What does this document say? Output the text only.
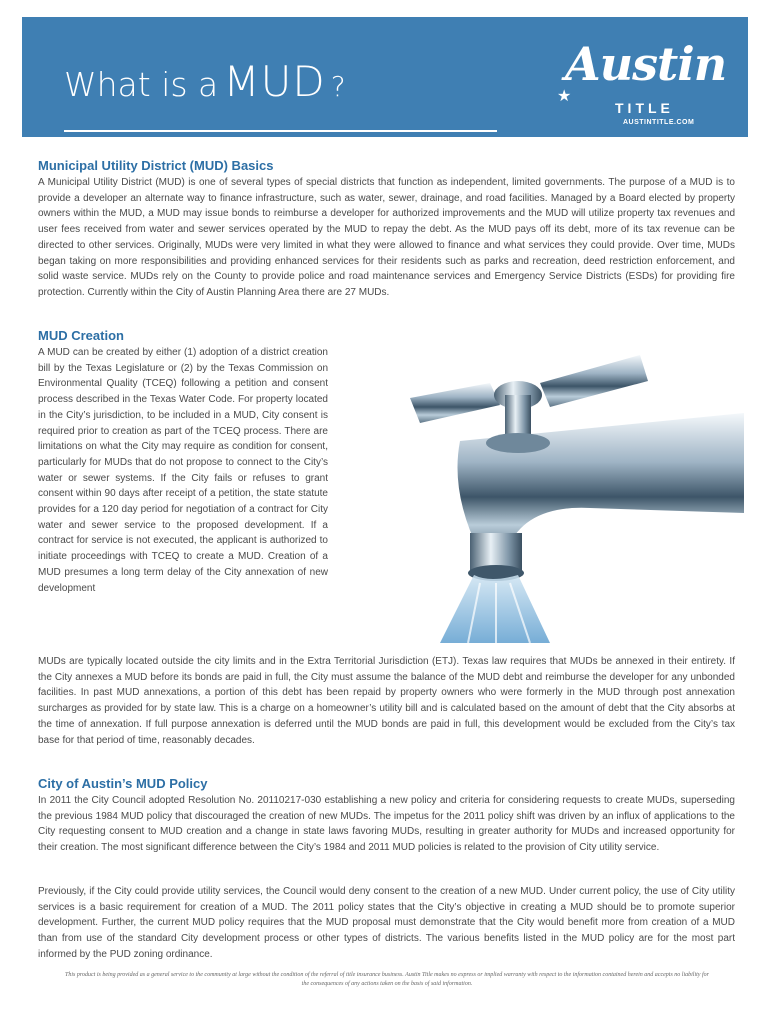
What is a MUD ?	Austin
★
TITLE
AUSTINTITLE.COM
Municipal Utility District (MUD) Basics

A Municipal Utility District (MUD) is one of several types of special districts that function as independent, limited governments. The purpose of a MUD is to provide a developer an alternate way to finance infrastructure, such as water, sewer, drainage, and road facilities. Managed by a Board elected by property owners within the MUD, a MUD may issue bonds to reimburse a developer for authorized improvements and the MUD will utilize property tax revenues and user fees received from water and sewer services operated by the MUD to repay the debt. As the MUD pays off its debt, more of its tax revenue can be directed to other services. Originally, MUDs were very limited in what they were allowed to finance and what services they could provide. Over time, MUDs began taking on more responsibilities and providing enhanced services for their residents such as parks and recreation, deed restriction enforcement, and solid waste service. MUDs rely on the County to provide police and road maintenance services and Emergency Service Districts (ESDs) for providing fire protection. Currently within the City of Austin Planning Area there are 27 MUDs.

MUD Creation

A MUD can be created by either (1) adoption of a district creation bill by the Texas Legislature or (2) by the Texas Commission on Environmental Quality (TCEQ) following a petition and consent process described in the Texas Water Code. For property located in the City’s jurisdiction, to be included in a MUD, City consent is required prior to creation as part of the TCEQ process. There are limitations on what the City may require as condition for consent, particularly for MUDs that do not propose to connect to the City’s water or sewer systems. If the City fails or refuses to grant consent within 90 days after receipt of a petition, the state statute provides for a 120 day period for negotiation of a contract for City water and sewer service to the proposed development. If a contract for service is not executed, the applicant is authorized to initiate proceedings with TCEQ to create a MUD. Creation of a MUD presumes a long term delay of the City annexation of new development

MUDs are typically located outside the city limits and in the Extra Territorial Jurisdiction (ETJ). Texas law requires that MUDs be annexed in their entirety. If the City annexes a MUD before its bonds are paid in full, the City must assume the balance of the MUD debt and reimburse the developer for any unbonded facilities. In past MUD annexations, a portion of this debt has been repaid by property owners who were formerly in the MUD through post annexation surcharges as provided for by state law. This is a charge on a homeowner’s utility bill and is calculated based on the amount of debt that the City absorbs at the time of annexation. If full purpose annexation is deferred until the MUD bonds are paid in full, this development would be excluded from the City’s tax base for that period of time, reasonably decades.

City of Austin’s MUD Policy

In 2011 the City Council adopted Resolution No. 20110217-030 establishing a new policy and criteria for considering requests to create MUDs, superseding the previous 1984 MUD policy that discouraged the creation of new MUDs. The impetus for the 2011 policy shift was driven by an influx of applications to the City requesting consent to MUD creation and a change in state laws favoring MUDs, resulting in greater authority for MUDs and increased opportunity for their creation. The most significant difference between the City’s 1984 and 2011 MUD policies is related to the provision of City utility service.

Previously, if the City could provide utility services, the Council would deny consent to the creation of a new MUD. Under current policy, the use of City utility services is a basic requirement for creation of a MUD. The 2011 policy states that the City’s objective in creating a MUD should be to promote superior development. Further, the current MUD policy requires that the MUD proposal must demonstrate that the City would benefit more from creation of a MUD than from use of the standard City development process or other types of districts. The various benefits listed in the MUD policy are for the most part informed by the PUD zoning ordinance.

This product is being provided as a general service to the community at large without the condition of the referral of title insurance business. Austin Title makes no express or implied warranty with respect to the information contained herein and accepts no liability for the consequences of any actions taken on the basis of said information.
